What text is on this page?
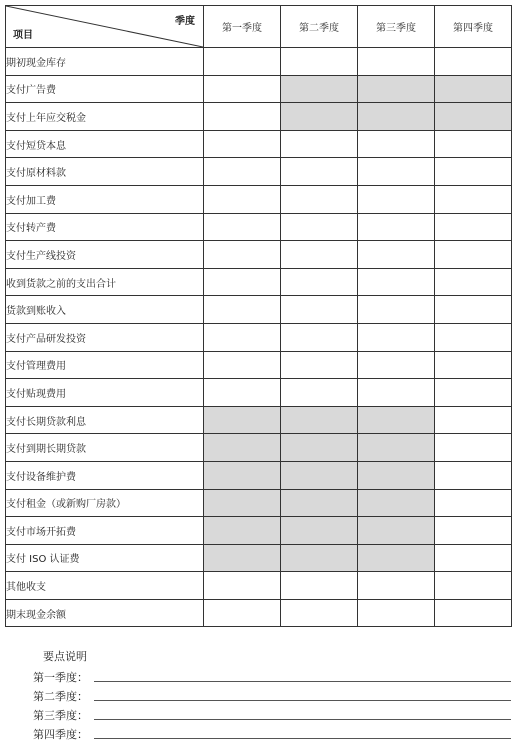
季度
项目	第一季度	第二季度	第三季度	第四季度
期初现金库存				
支付广告费				
支付上年应交税金				
支付短贷本息				
支付原材料款				
支付加工费				
支付转产费				
支付生产线投资				
收到货款之前的支出合计				
货款到账收入				
支付产品研发投资				
支付管理费用				
支付贴现费用				
支付长期贷款利息				
支付到期长期贷款				
支付设备维护费				
支付租金（或新购厂房款）				
支付市场开拓费				
支付 ISO 认证费				
其他收支				
期末现金余额				
要点说明
第一季度：
第二季度：
第三季度：
第四季度：
